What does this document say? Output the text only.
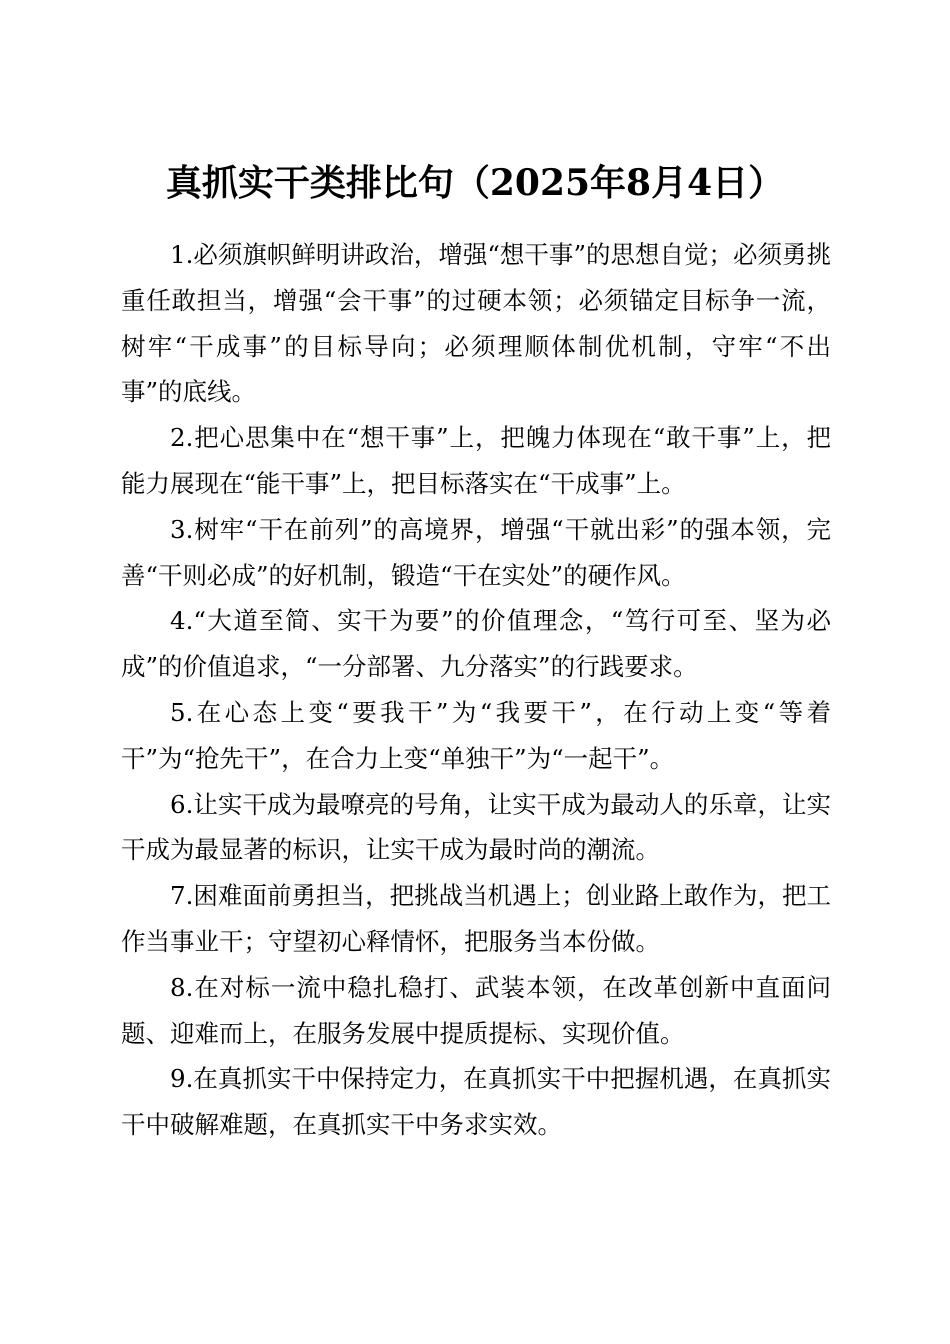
真抓实干类排比句（2025年8月4日）

1.必须旗帜鲜明讲政治，增强“想干事”的思想自觉；必须勇挑重任敢担当，增强“会干事”的过硬本领；必须锚定目标争一流，树牢“干成事”的目标导向；必须理顺体制优机制，守牢“不出事”的底线。

2.把心思集中在“想干事”上，把魄力体现在“敢干事”上，把能力展现在“能干事”上，把目标落实在“干成事”上。

3.树牢“干在前列”的高境界，增强“干就出彩”的强本领，完善“干则必成”的好机制，锻造“干在实处”的硬作风。

4.“大道至简、实干为要”的价值理念，“笃行可至、坚为必成”的价值追求，“一分部署、九分落实”的行践要求。

5.在心态上变“要我干”为“我要干”，在行动上变“等着干”为“抢先干”，在合力上变“单独干”为“一起干”。

6.让实干成为最嘹亮的号角，让实干成为最动人的乐章，让实干成为最显著的标识，让实干成为最时尚的潮流。

7.困难面前勇担当，把挑战当机遇上；创业路上敢作为，把工作当事业干；守望初心释情怀，把服务当本份做。

8.在对标一流中稳扎稳打、武装本领，在改革创新中直面问题、迎难而上，在服务发展中提质提标、实现价值。

9.在真抓实干中保持定力，在真抓实干中把握机遇，在真抓实干中破解难题，在真抓实干中务求实效。
